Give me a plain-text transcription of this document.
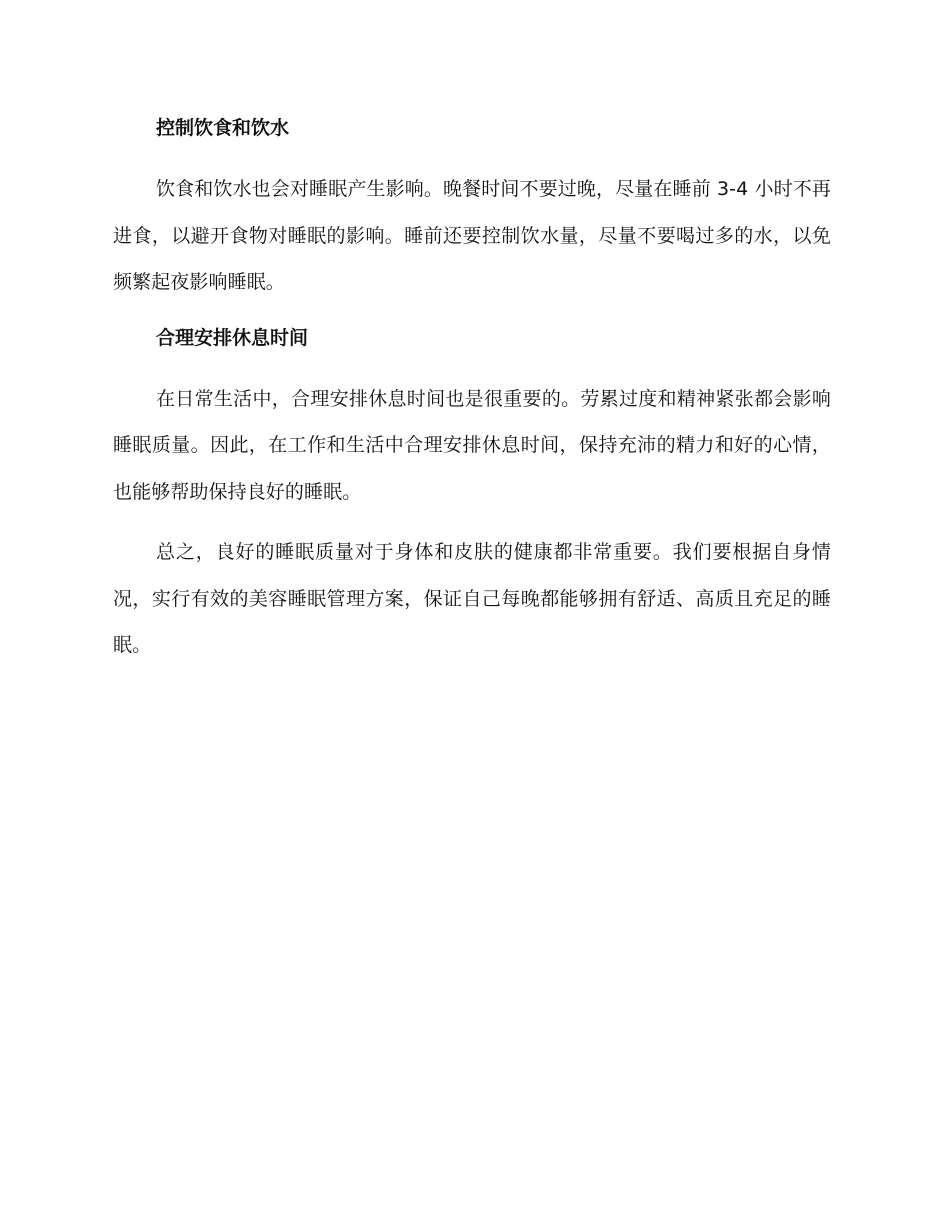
控制饮食和饮水

饮食和饮水也会对睡眠产生影响。晚餐时间不要过晚，尽量在睡前 3-4 小时不再进食，以避开食物对睡眠的影响。睡前还要控制饮水量，尽量不要喝过多的水，以免频繁起夜影响睡眠。

合理安排休息时间

在日常生活中，合理安排休息时间也是很重要的。劳累过度和精神紧张都会影响睡眠质量。因此，在工作和生活中合理安排休息时间，保持充沛的精力和好的心情，也能够帮助保持良好的睡眠。

总之，良好的睡眠质量对于身体和皮肤的健康都非常重要。我们要根据自身情况，实行有效的美容睡眠管理方案，保证自己每晚都能够拥有舒适、高质且充足的睡眠。
